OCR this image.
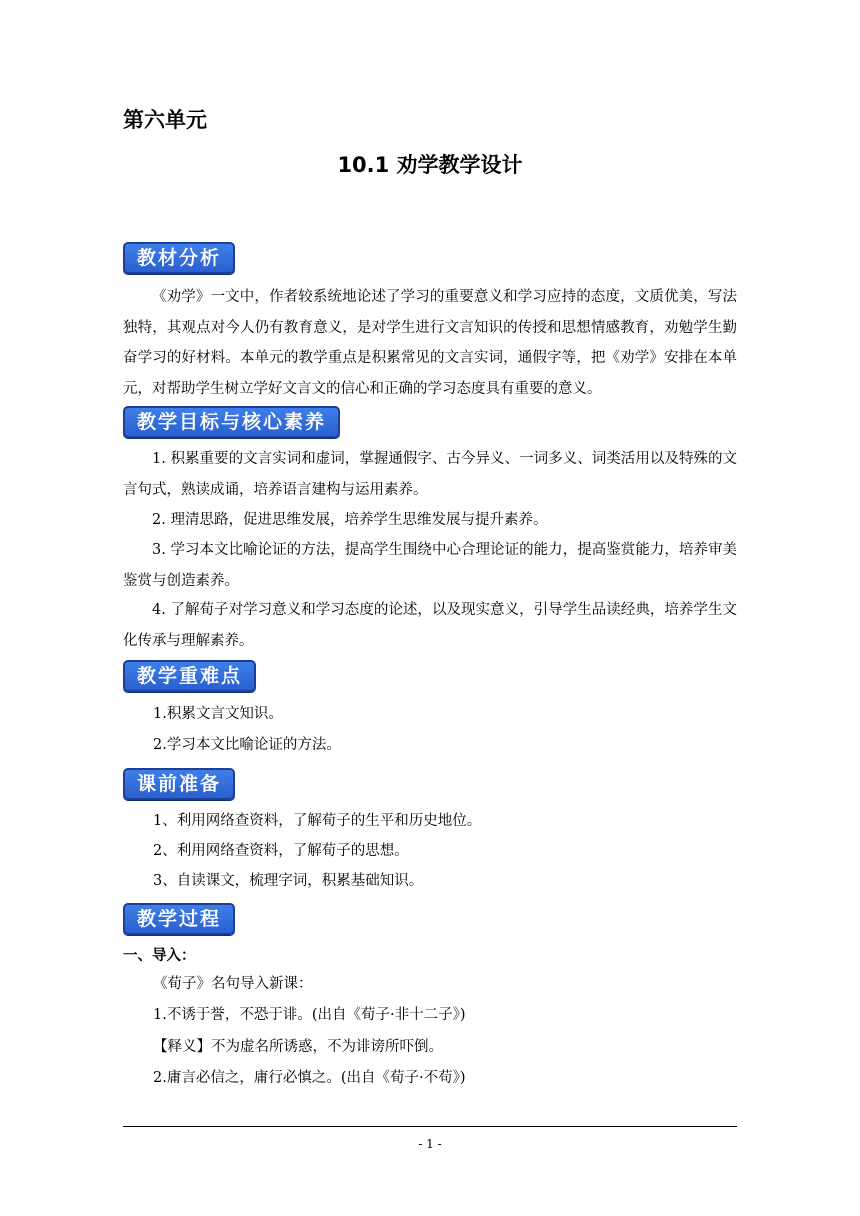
第六单元
10.1 劝学教学设计
教材分析

《劝学》一文中，作者较系统地论述了学习的重要意义和学习应持的态度，文质优美，写法独特，其观点对今人仍有教育意义，是对学生进行文言知识的传授和思想情感教育，劝勉学生勤奋学习的好材料。本单元的教学重点是积累常见的文言实词，通假字等，把《劝学》安排在本单元，对帮助学生树立学好文言文的信心和正确的学习态度具有重要的意义。

教学目标与核心素养

1. 积累重要的文言实词和虚词，掌握通假字、古今异义、一词多义、词类活用以及特殊的文言句式，熟读成诵，培养语言建构与运用素养。

2. 理清思路，促进思维发展，培养学生思维发展与提升素养。

3. 学习本文比喻论证的方法，提高学生围绕中心合理论证的能力，提高鉴赏能力，培养审美鉴赏与创造素养。

4. 了解荀子对学习意义和学习态度的论述，以及现实意义，引导学生品读经典，培养学生文化传承与理解素养。

教学重难点

1.积累文言文知识。

2.学习本文比喻论证的方法。

课前准备

1、利用网络查资料，了解荀子的生平和历史地位。

2、利用网络查资料，了解荀子的思想。

3、自读课文，梳理字词，积累基础知识。

教学过程

一、导入：

《荀子》名句导入新课：

1.不诱于誉，不恐于诽。(出自《荀子·非十二子》)

【释义】不为虚名所诱惑，不为诽谤所吓倒。

2.庸言必信之，庸行必慎之。(出自《荀子·不苟》)

- 1 -
